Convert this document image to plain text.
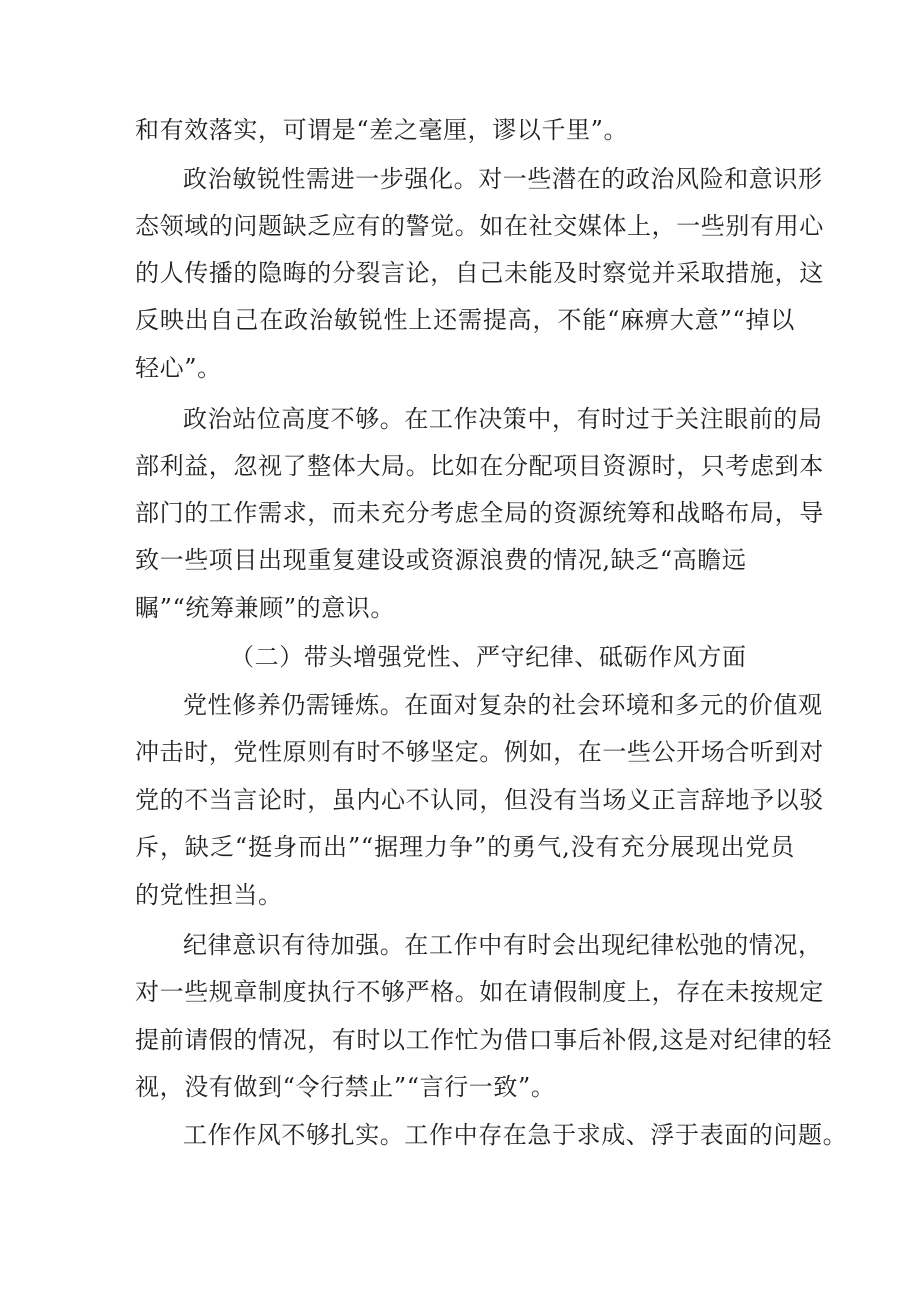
和有效落实，可谓是“差之毫厘，谬以千里”。
政治敏锐性需进一步强化。对一些潜在的政治风险和意识形
态领域的问题缺乏应有的警觉。如在社交媒体上，一些别有用心
的人传播的隐晦的分裂言论，自己未能及时察觉并采取措施，这
反映出自己在政治敏锐性上还需提高，不能“麻痹大意”“掉以
轻心”。
政治站位高度不够。在工作决策中，有时过于关注眼前的局
部利益，忽视了整体大局。比如在分配项目资源时，只考虑到本
部门的工作需求，而未充分考虑全局的资源统筹和战略布局，导
致一些项目出现重复建设或资源浪费的情况,缺乏“高瞻远
瞩”“统筹兼顾”的意识。
（二）带头增强党性、严守纪律、砥砺作风方面
党性修养仍需锤炼。在面对复杂的社会环境和多元的价值观
冲击时，党性原则有时不够坚定。例如，在一些公开场合听到对
党的不当言论时，虽内心不认同，但没有当场义正言辞地予以驳
斥，缺乏“挺身而出”“据理力争”的勇气,没有充分展现出党员
的党性担当。
纪律意识有待加强。在工作中有时会出现纪律松弛的情况，
对一些规章制度执行不够严格。如在请假制度上，存在未按规定
提前请假的情况，有时以工作忙为借口事后补假,这是对纪律的轻
视，没有做到“令行禁止”“言行一致”。
工作作风不够扎实。工作中存在急于求成、浮于表面的问题。
